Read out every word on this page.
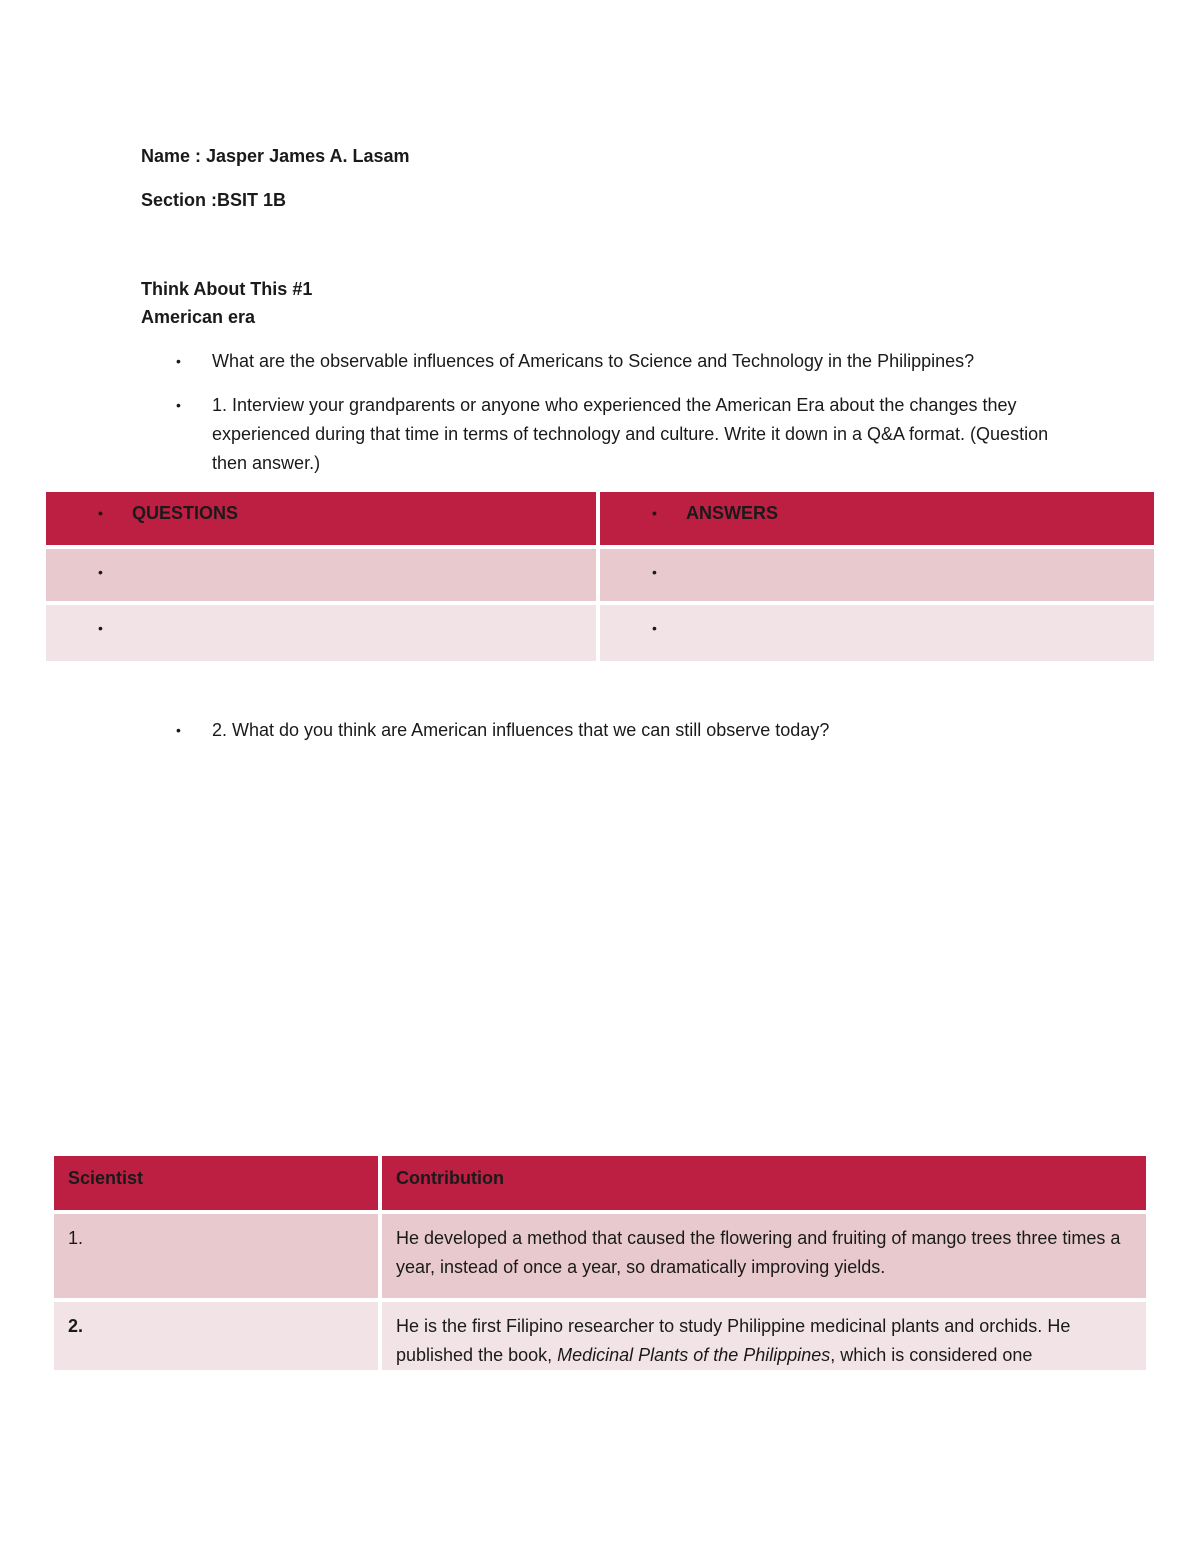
Name : Jasper James A. Lasam
Section :BSIT 1B
Think About This #1
American era
• What are the observable influences of Americans to Science and Technology in the Philippines?
• 1. Interview your grandparents or anyone who experienced the American Era about the changes they experienced during that time in terms of technology and culture. Write it down in a Q&A format. (Question then answer.)
• QUESTIONS	• ANSWERS

•	•

•	•
• 2. What do you think are American influences that we can still observe today?
Scientist	Contribution

1.	He developed a method that caused the flowering and fruiting of mango trees three times a year, instead of once a year, so dramatically improving yields.

2.	He is the first Filipino researcher to study Philippine medicinal plants and orchids. He published the book, Medicinal Plants of the Philippines, which is considered one
